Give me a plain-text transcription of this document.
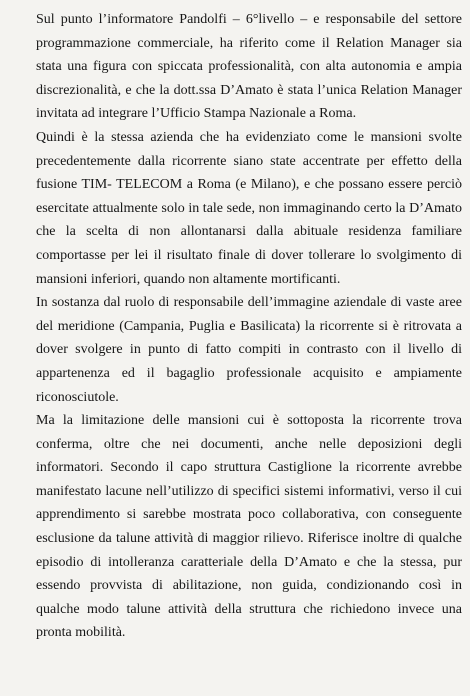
Sul punto l’informatore Pandolfi – 6°livello – e responsabile del settore
programmazione commerciale, ha riferito come il Relation Manager sia
stata una figura con spiccata professionalità, con alta autonomia e ampia
discrezionalità, e che la dott.ssa D’Amato è stata l’unica Relation Manager
invitata ad integrare l’Ufficio Stampa Nazionale a Roma.
Quindi è la stessa azienda che ha evidenziato come le mansioni svolte
precedentemente dalla ricorrente siano state accentrate per effetto della
fusione TIM- TELECOM a Roma (e Milano), e che possano essere perciò
esercitate attualmente solo in tale sede, non immaginando certo la D’Amato
che la scelta di non allontanarsi dalla abituale residenza familiare
comportasse per lei il risultato finale di dover tollerare lo svolgimento di
mansioni inferiori, quando non altamente mortificanti.
In sostanza dal ruolo di responsabile dell’immagine aziendale di vaste aree
del meridione (Campania, Puglia e Basilicata) la ricorrente si è ritrovata a
dover svolgere in punto di fatto compiti in contrasto con il livello di
appartenenza ed il bagaglio professionale acquisito e ampiamente
riconosciutole.
Ma la limitazione delle mansioni cui è sottoposta la ricorrente trova
conferma, oltre che nei documenti, anche nelle deposizioni degli
informatori. Secondo il capo struttura Castiglione la ricorrente avrebbe
manifestato lacune nell’utilizzo di specifici sistemi informativi, verso il cui
apprendimento si sarebbe mostrata poco collaborativa, con conseguente
esclusione da talune attività di maggior rilievo. Riferisce inoltre di qualche
episodio di intolleranza caratteriale della D’Amato e che la stessa, pur
essendo provvista di abilitazione, non guida, condizionando così in
qualche modo talune attività della struttura che richiedono invece una
pronta mobilità.
